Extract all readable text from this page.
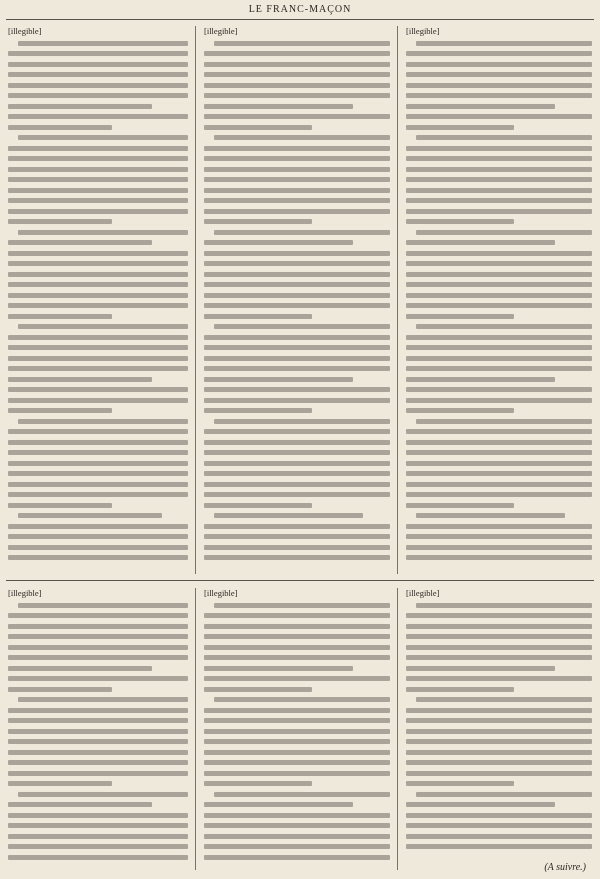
LE FRANC-MAÇON

[illegible]	[illegible]	[illegible]

[illegible]	[illegible]	[illegible]

(A suivre.)
